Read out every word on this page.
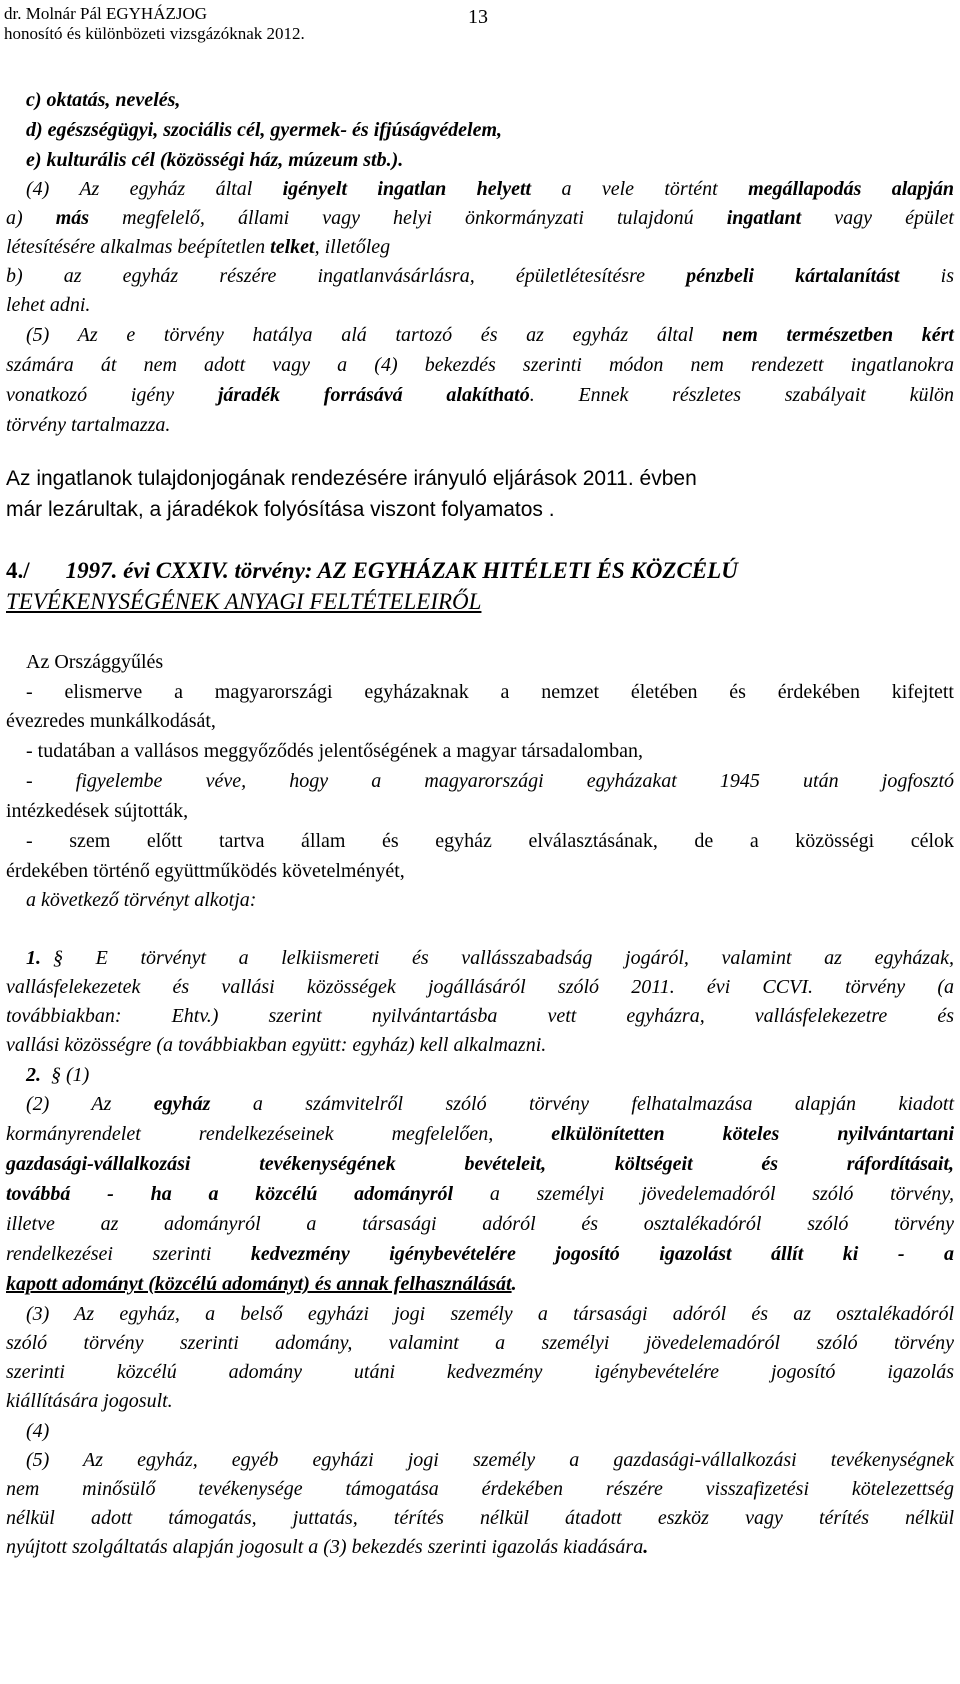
dr. Molnár Pál EGYHÁZJOG
honosító és különbözeti vizsgázóknak 2012.
13
c) oktatás, nevelés,
d) egészségügyi, szociális cél, gyermek- és ifjúságvédelem,
e) kulturális cél (közösségi ház, múzeum stb.).
(4) Az egyház által igényelt ingatlan helyett a vele történt megállapodás alapján
a) más megfelelő, állami vagy helyi önkormányzati tulajdonú ingatlant vagy épület
létesítésére alkalmas beépítetlen telket, illetőleg
b) az egyház részére ingatlanvásárlásra, épületlétesítésre pénzbeli kártalanítást is
lehet adni.
(5) Az e törvény hatálya alá tartozó és az egyház által nem természetben kért
számára át nem adott vagy a (4) bekezdés szerinti módon nem rendezett ingatlanokra
vonatkozó igény járadék forrásává alakítható. Ennek részletes szabályait külön
törvény tartalmazza.
Az ingatlanok tulajdonjogának rendezésére irányuló eljárások 2011. évben
már lezárultak, a járadékok folyósítása viszont folyamatos .
4./ 1997. évi CXXIV. törvény: AZ EGYHÁZAK HITÉLETI ÉS KÖZCÉLÚ
TEVÉKENYSÉGÉNEK ANYAGI FELTÉTELEIRŐL
Az Országgyűlés
- elismerve a magyarországi egyházaknak a nemzet életében és érdekében kifejtett
évezredes munkálkodását,
- tudatában a vallásos meggyőződés jelentőségének a magyar társadalomban,
- figyelembe véve, hogy a magyarországi egyházakat 1945 után jogfosztó
intézkedések sújtották,
- szem előtt tartva állam és egyház elválasztásának, de a közösségi célok
érdekében történő együttműködés követelményét,
a következő törvényt alkotja:
1. § E törvényt a lelkiismereti és vallásszabadság jogáról, valamint az egyházak,
vallásfelekezetek és vallási közösségek jogállásáról szóló 2011. évi CCVI. törvény (a
továbbiakban: Ehtv.) szerint nyilvántartásba vett egyházra, vallásfelekezetre és
vallási közösségre (a továbbiakban együtt: egyház) kell alkalmazni.
2. § (1)
(2) Az egyház a számvitelről szóló törvény felhatalmazása alapján kiadott
kormányrendelet rendelkezéseinek megfelelően, elkülönítetten köteles nyilvántartani
gazdasági-vállalkozási tevékenységének bevételeit, költségeit és ráfordításait,
továbbá - ha a közcélú adományról a személyi jövedelemadóról szóló törvény,
illetve az adományról a társasági adóról és osztalékadóról szóló törvény
rendelkezései szerinti kedvezmény igénybevételére jogosító igazolást állít ki - a
kapott adományt (közcélú adományt) és annak felhasználását.
(3) Az egyház, a belső egyházi jogi személy a társasági adóról és az osztalékadóról
szóló törvény szerinti adomány, valamint a személyi jövedelemadóról szóló törvény
szerinti közcélú adomány utáni kedvezmény igénybevételére jogosító igazolás
kiállítására jogosult.
(4)
(5) Az egyház, egyéb egyházi jogi személy a gazdasági-vállalkozási tevékenységnek
nem minősülő tevékenysége támogatása érdekében részére visszafizetési kötelezettség
nélkül adott támogatás, juttatás, térítés nélkül átadott eszköz vagy térítés nélkül
nyújtott szolgáltatás alapján jogosult a (3) bekezdés szerinti igazolás kiadására.
